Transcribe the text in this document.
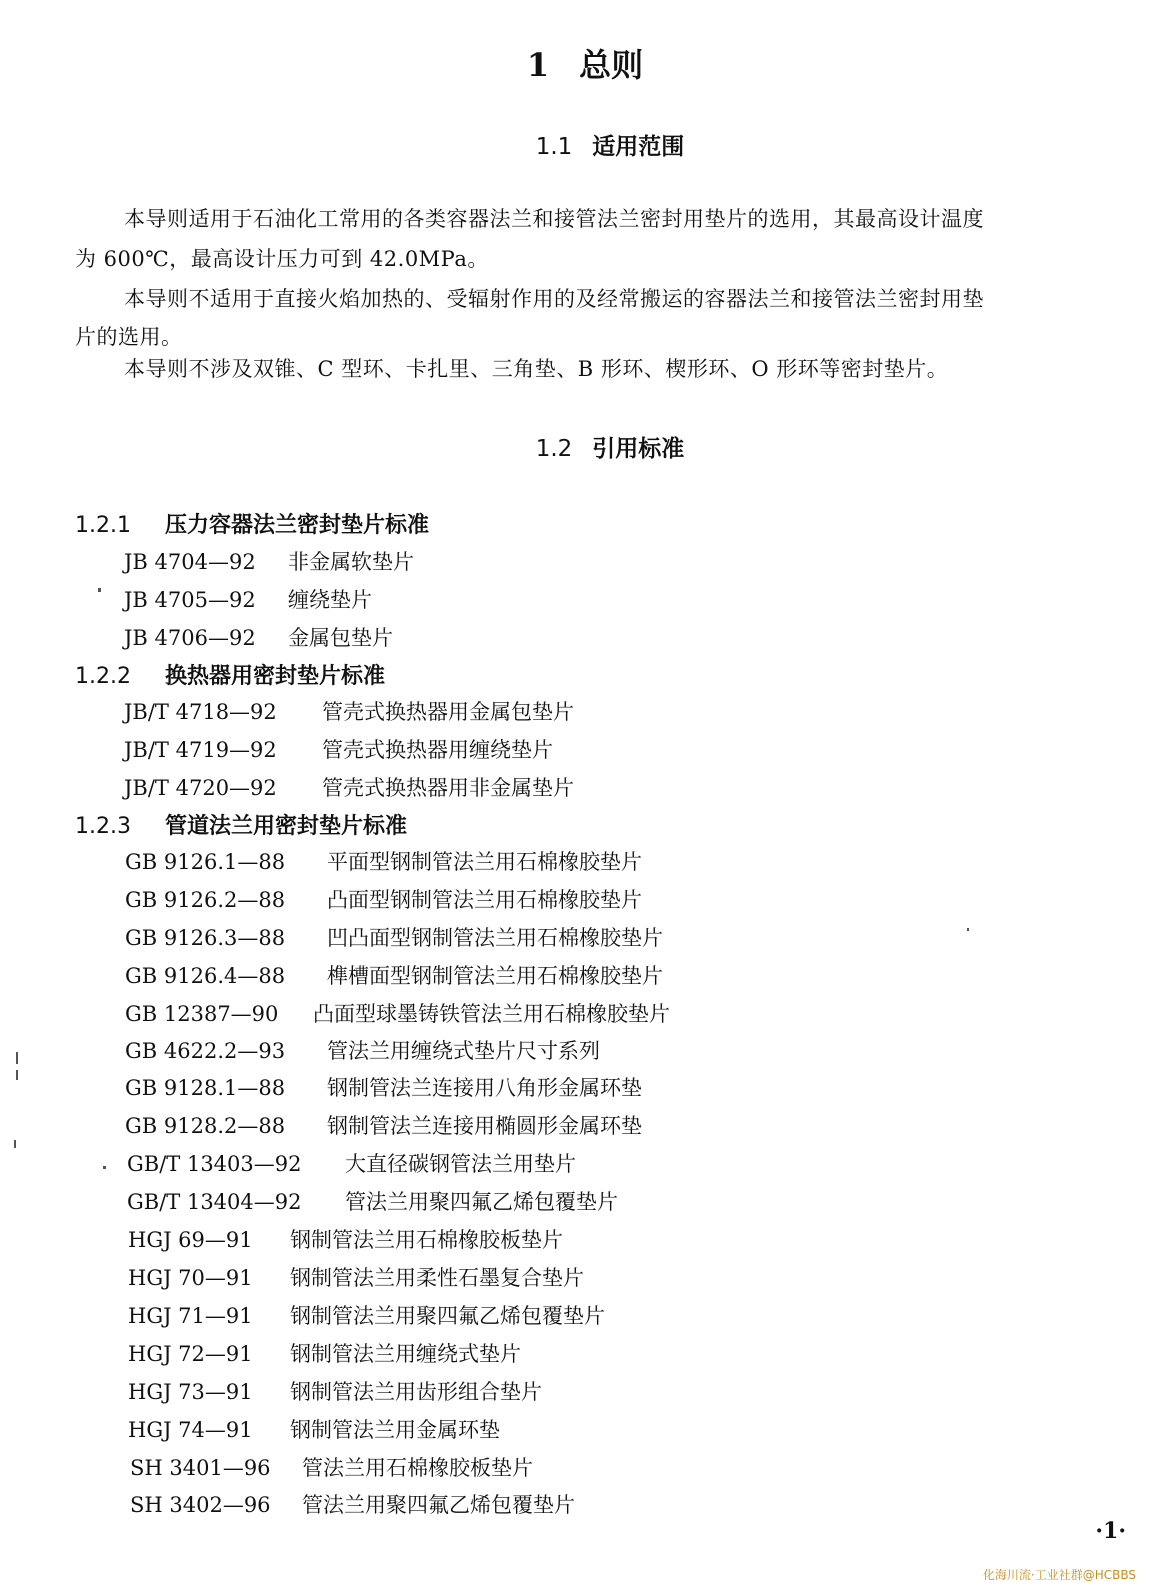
1 总则
1.1 适用范围
本导则适用于石油化工常用的各类容器法兰和接管法兰密封用垫片的选用，其最高设计温度
为 600℃，最高设计压力可到 42.0MPa。
本导则不适用于直接火焰加热的、受辐射作用的及经常搬运的容器法兰和接管法兰密封用垫
片的选用。
本导则不涉及双锥、C 型环、卡扎里、三角垫、B 形环、楔形环、O 形环等密封垫片。
1.2 引用标准
1.2.1 压力容器法兰密封垫片标准
JB 4704—92 非金属软垫片
JB 4705—92 缠绕垫片
JB 4706—92 金属包垫片
1.2.2 换热器用密封垫片标准
JB/T 4718—92 管壳式换热器用金属包垫片
JB/T 4719—92 管壳式换热器用缠绕垫片
JB/T 4720—92 管壳式换热器用非金属垫片
1.2.3 管道法兰用密封垫片标准
GB 9126.1—88 平面型钢制管法兰用石棉橡胶垫片
GB 9126.2—88 凸面型钢制管法兰用石棉橡胶垫片
GB 9126.3—88 凹凸面型钢制管法兰用石棉橡胶垫片
GB 9126.4—88 榫槽面型钢制管法兰用石棉橡胶垫片
GB 12387—90 凸面型球墨铸铁管法兰用石棉橡胶垫片
GB 4622.2—93 管法兰用缠绕式垫片尺寸系列
GB 9128.1—88 钢制管法兰连接用八角形金属环垫
GB 9128.2—88 钢制管法兰连接用椭圆形金属环垫
GB/T 13403—92 大直径碳钢管法兰用垫片
GB/T 13404—92 管法兰用聚四氟乙烯包覆垫片
HGJ 69—91 钢制管法兰用石棉橡胶板垫片
HGJ 70—91 钢制管法兰用柔性石墨复合垫片
HGJ 71—91 钢制管法兰用聚四氟乙烯包覆垫片
HGJ 72—91 钢制管法兰用缠绕式垫片
HGJ 73—91 钢制管法兰用齿形组合垫片
HGJ 74—91 钢制管法兰用金属环垫
SH 3401—96 管法兰用石棉橡胶板垫片
SH 3402—96 管法兰用聚四氟乙烯包覆垫片
·1·
化海川流·工业社群@HCBBS
